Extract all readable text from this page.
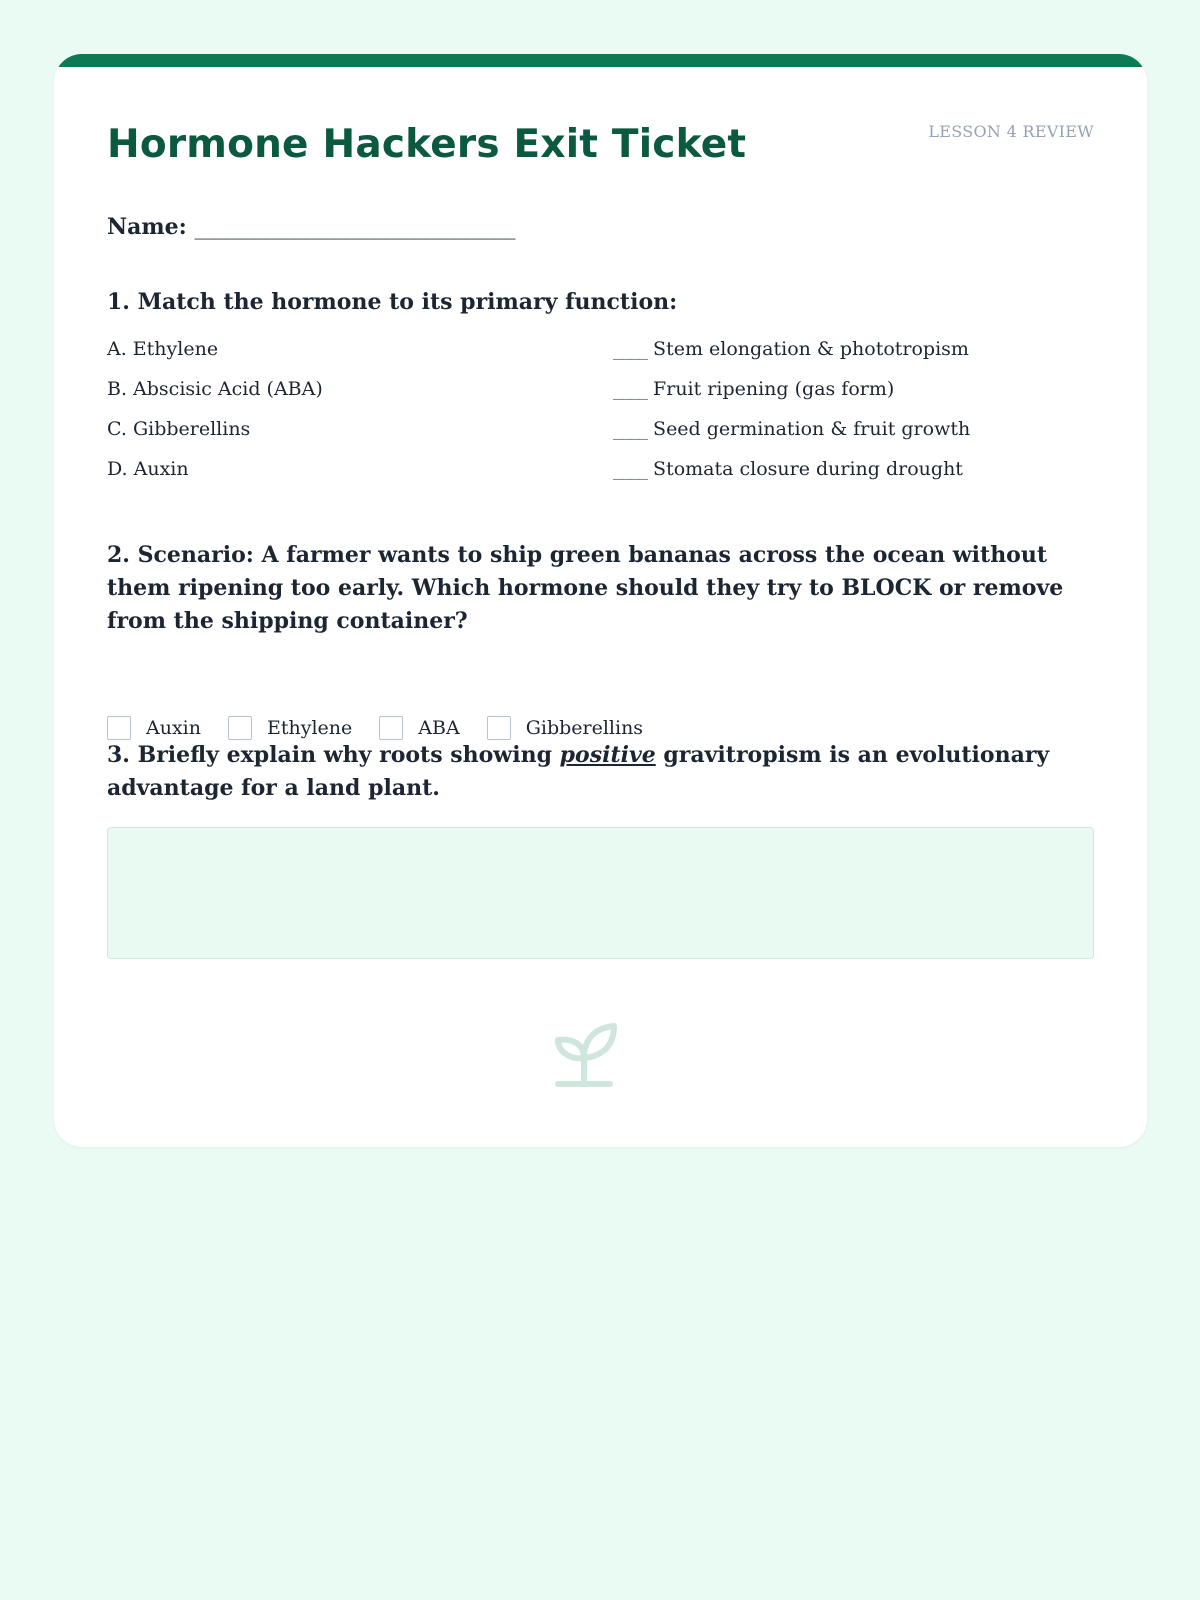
Hormone Hackers Exit Ticket	LESSON 4 REVIEW
Name: ________________________________

1. Match the hormone to its primary function:

A. Ethylene	____ Stem elongation & phototropism
B. Abscisic Acid (ABA)	____ Fruit ripening (gas form)
C. Gibberellins	____ Seed germination & fruit growth
D. Auxin	____ Stomata closure during drought

2. Scenario: A farmer wants to ship green bananas across the ocean without them ripening too early. Which hormone should they try to BLOCK or remove from the shipping container?

Auxin	Ethylene	ABA	Gibberellins

3. Briefly explain why roots showing positive gravitropism is an evolutionary advantage for a land plant.
